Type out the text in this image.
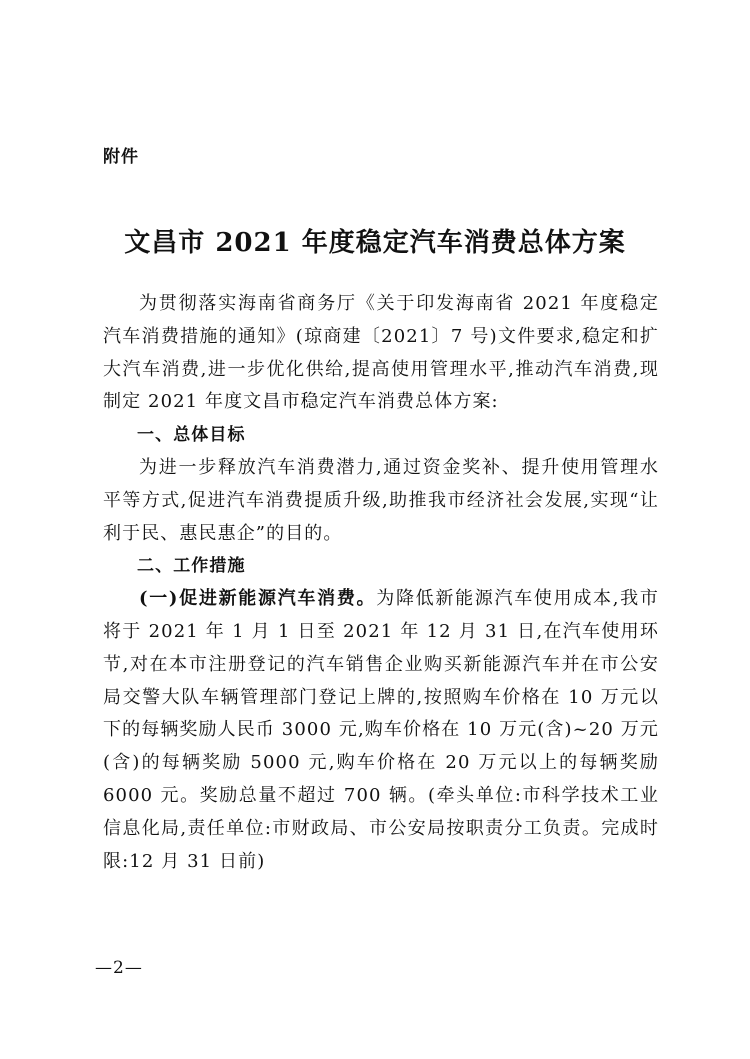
附件
文昌市 2021 年度稳定汽车消费总体方案

为贯彻落实海南省商务厅《关于印发海南省 2021 年度稳定汽车消费措施的通知》(琼商建〔2021〕7 号)文件要求,稳定和扩大汽车消费,进一步优化供给,提高使用管理水平,推动汽车消费,现制定 2021 年度文昌市稳定汽车消费总体方案:

一、总体目标

为进一步释放汽车消费潜力,通过资金奖补、提升使用管理水平等方式,促进汽车消费提质升级,助推我市经济社会发展,实现“让利于民、惠民惠企”的目的。

二、工作措施

(一)促进新能源汽车消费。为降低新能源汽车使用成本,我市将于 2021 年 1 月 1 日至 2021 年 12 月 31 日,在汽车使用环节,对在本市注册登记的汽车销售企业购买新能源汽车并在市公安局交警大队车辆管理部门登记上牌的,按照购车价格在 10 万元以下的每辆奖励人民币 3000 元,购车价格在 10 万元(含)~20 万元(含)的每辆奖励 5000 元,购车价格在 20 万元以上的每辆奖励 6000 元。奖励总量不超过 700 辆。(牵头单位:市科学技术工业信息化局,责任单位:市财政局、市公安局按职责分工负责。完成时限:12 月 31 日前)

—2—
